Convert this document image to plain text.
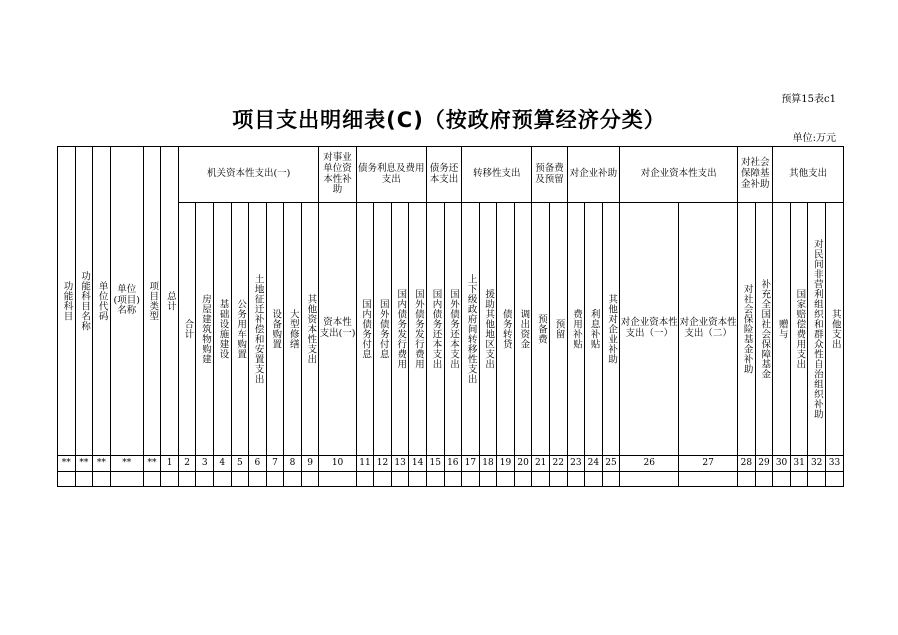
预算15表c1
项目支出明细表(C)（按政府预算经济分类）
单位:万元
功能科目	功能科目名称	单位代码	单位(项目)名称	项目类型	总计	机关资本性支出(一)								对事业单位资本性补助	债务利息及费用支出				债务还本支出		转移性支出				预备费及预留		对企业补助			对企业资本性支出		对社会保障基金补助		其他支出			

						合计	房屋建筑物购建	基础设施建设	公务用车购置	土地征迁补偿和安置支出	设备购置	大型修缮	其他资本性支出	资本性支出(一)	国内债务付息	国外债务付息	国内债务发行费用	国外债务发行费用	国内债务还本支出	国外债务还本支出	上下级政府间转移性支出	援助其他地区支出	债务转贷	调出资金	预备费	预留	费用补贴	利息补贴	其他对企业补助	对企业资本性支出（一）	对企业资本性支出（二）	对社会保险基金补助	补充全国社会保障基金	赠与	国家赔偿费用支出	对民间非营利组织和群众性自治组织补助	其他支出

**	**	**	**	**	1	2	3	4	5	6	7	8	9	10	11	12	13	14	15	16	17	18	19	20	21	22	23	24	25	26	27	28	29	30	31	32	33
